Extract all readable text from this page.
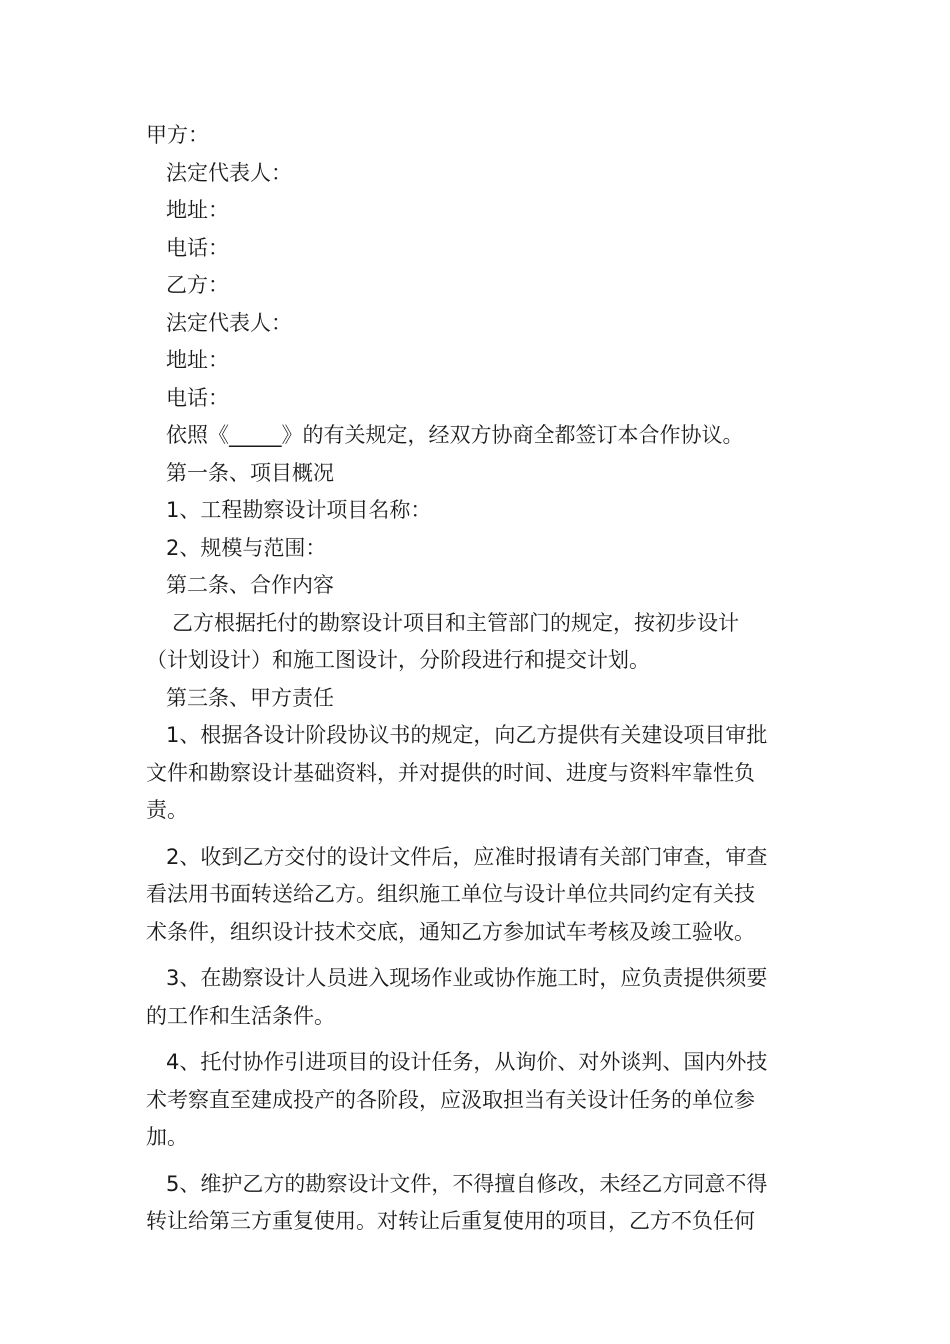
甲方：
法定代表人：
地址：
电话：
乙方：
法定代表人：
地址：
电话：
依照《_____》的有关规定，经双方协商全都签订本合作协议。
第一条、项目概况
1、工程勘察设计项目名称：
2、规模与范围：
第二条、合作内容
乙方根据托付的勘察设计项目和主管部门的规定，按初步设计
（计划设计）和施工图设计，分阶段进行和提交计划。
第三条、甲方责任
1、根据各设计阶段协议书的规定，向乙方提供有关建设项目审批
文件和勘察设计基础资料，并对提供的时间、进度与资料牢靠性负
责。
2、收到乙方交付的设计文件后，应准时报请有关部门审查，审查
看法用书面转送给乙方。组织施工单位与设计单位共同约定有关技
术条件，组织设计技术交底，通知乙方参加试车考核及竣工验收。
3、在勘察设计人员进入现场作业或协作施工时，应负责提供须要
的工作和生活条件。
4、托付协作引进项目的设计任务，从询价、对外谈判、国内外技
术考察直至建成投产的各阶段，应汲取担当有关设计任务的单位参
加。
5、维护乙方的勘察设计文件，不得擅自修改，未经乙方同意不得
转让给第三方重复使用。对转让后重复使用的项目，乙方不负任何
